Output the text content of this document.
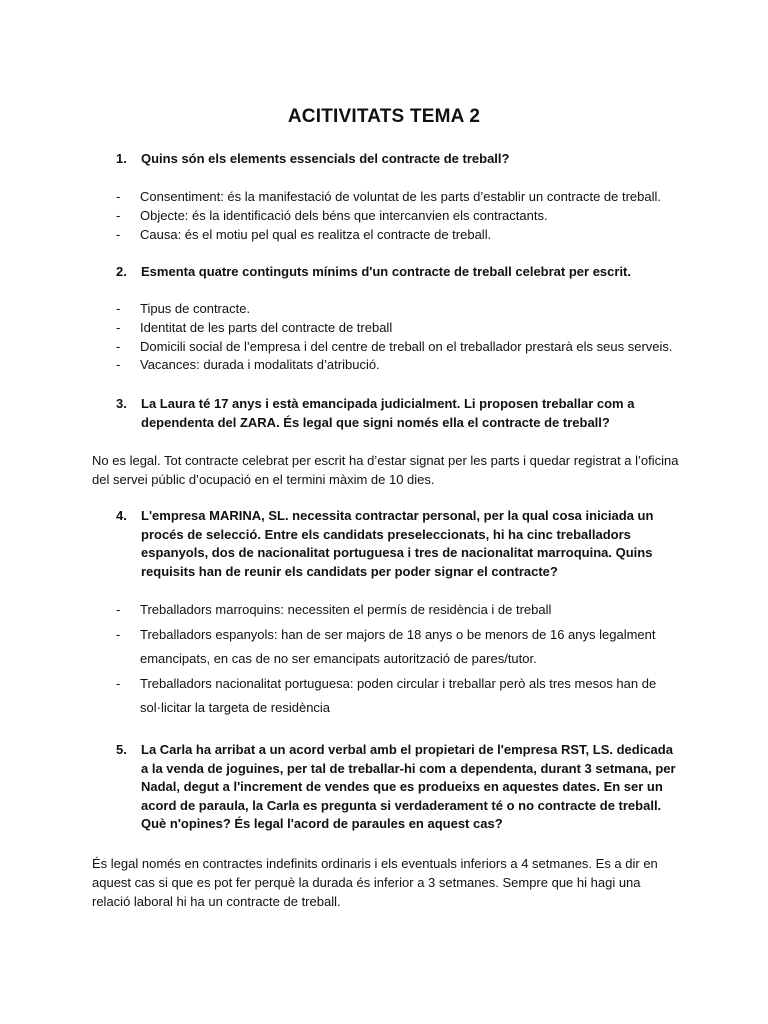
ACITIVITATS TEMA 2
1. Quins són els elements essencials del contracte de treball?
- Consentiment: és la manifestació de voluntat de les parts d’establir un contracte de treball.
- Objecte: és la identificació dels béns que intercanvien els contractants.
- Causa: és el motiu pel qual es realitza el contracte de treball.
2. Esmenta quatre continguts mínims d'un contracte de treball celebrat per escrit.
- Tipus de contracte.
- Identitat de les parts del contracte de treball
- Domicili social de l’empresa i del centre de treball on el treballador prestarà els seus serveis.
- Vacances: durada i modalitats d’atribució.
3. La Laura té 17 anys i està emancipada judicialment. Li proposen treballar com a dependenta del ZARA. És legal que signi només ella el contracte de treball?

No es legal. Tot contracte celebrat per escrit ha d’estar signat per les parts i quedar registrat a l’oficina del servei públic d’ocupació en el termini màxim de 10 dies.

4. L'empresa MARINA, SL. necessita contractar personal, per la qual cosa iniciada un procés de selecció. Entre els candidats preseleccionats, hi ha cinc treballadors espanyols, dos de nacionalitat portuguesa i tres de nacionalitat marroquina. Quins requisits han de reunir els candidats per poder signar el contracte?
- Treballadors marroquins: necessiten el permís de residència i de treball
- Treballadors espanyols: han de ser majors de 18 anys o be menors de 16 anys legalment emancipats, en cas de no ser emancipats autorització de pares/tutor.
- Treballadors nacionalitat portuguesa: poden circular i treballar però als tres mesos han de sol·licitar la targeta de residència
5. La Carla ha arribat a un acord verbal amb el propietari de l'empresa RST, LS. dedicada a la venda de joguines, per tal de treballar-hi com a dependenta, durant 3 setmana, per Nadal, degut a l'increment de vendes que es produeixs en aquestes dates. En ser un acord de paraula, la Carla es pregunta si verdaderament té o no contracte de treball. Què n'opines? És legal l'acord de paraules en aquest cas?

És legal només en contractes indefinits ordinaris i els eventuals inferiors a 4 setmanes. Es a dir en aquest cas si que es pot fer perquè la durada és inferior a 3 setmanes. Sempre que hi hagi una relació laboral hi ha un contracte de treball.
